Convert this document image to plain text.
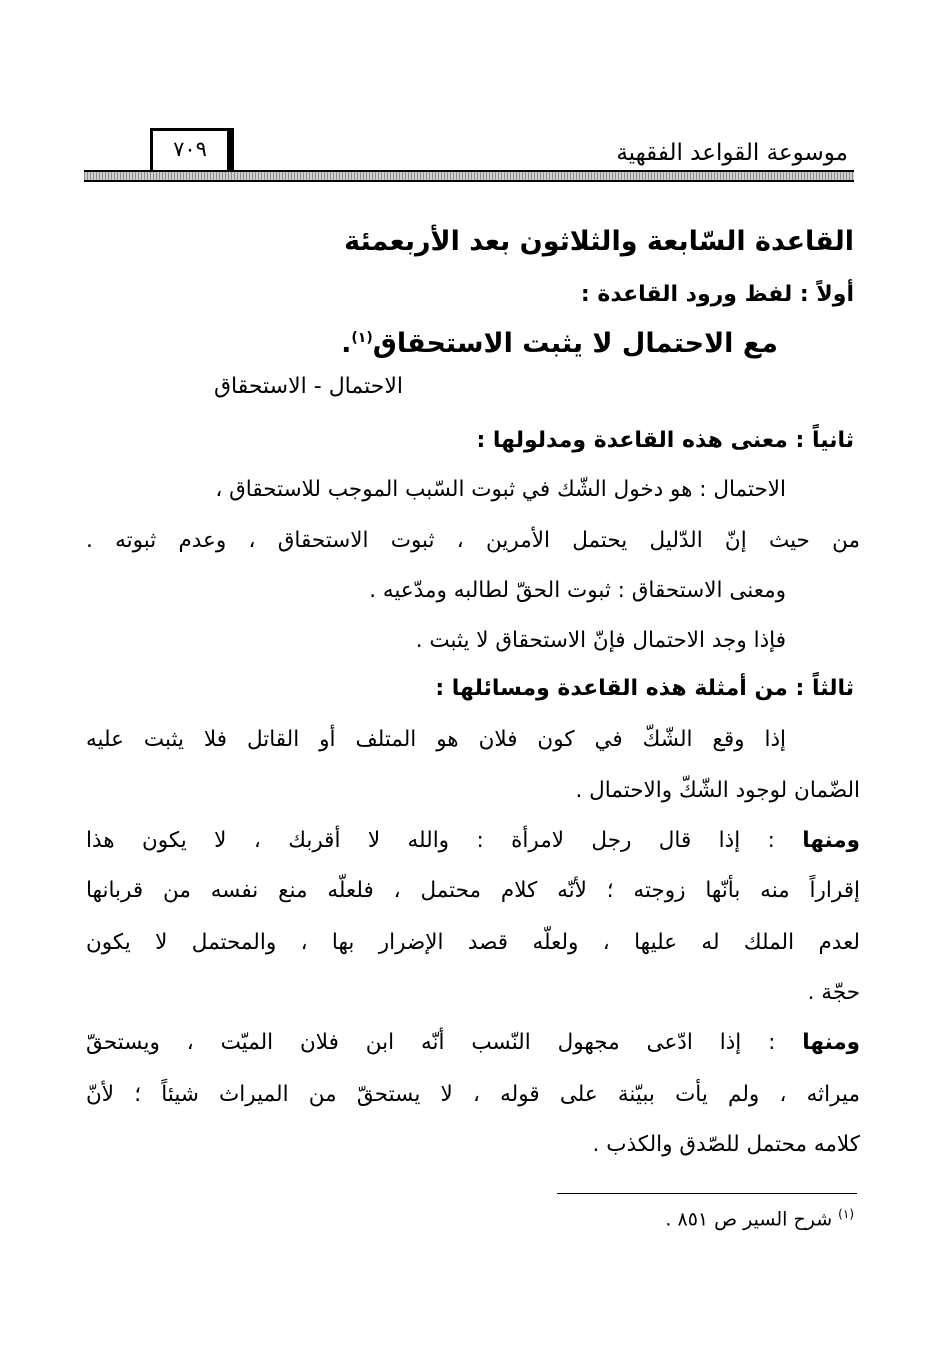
موسوعة القواعد الفقهية
٧٠٩
القاعدة السّابعة والثلاثون بعد الأربعمئة
أولاً : لفظ ورود القاعدة :
مع الاحتمال لا يثبت الاستحقاق$^{(١)}$.
الاحتمال - الاستحقاق
ثانياً : معنى هذه القاعدة ومدلولها :
الاحتمال : هو دخول الشّك في ثبوت السّبب الموجب للاستحقاق ،
من حيث إنّ الدّليل يحتمل الأمرين ، ثبوت الاستحقاق ، وعدم ثبوته .
ومعنى الاستحقاق : ثبوت الحقّ لطالبه ومدّعيه .
فإذا وجد الاحتمال فإنّ الاستحقاق لا يثبت .
ثالثاً : من أمثلة هذه القاعدة ومسائلها :
إذا وقع الشّكّ في كون فلان هو المتلف أو القاتل فلا يثبت عليه
الضّمان لوجود الشّكّ والاحتمال .
ومنها : إذا قال رجل لامرأة : والله لا أقربك ، لا يكون هذا
إقراراً منه بأنّها زوجته ؛ لأنّه كلام محتمل ، فلعلّه منع نفسه من قربانها
لعدم الملك له عليها ، ولعلّه قصد الإضرار بها ، والمحتمل لا يكون
حجّة .
ومنها : إذا ادّعى مجهول النّسب أنّه ابن فلان الميّت ، ويستحقّ
ميراثه ، ولم يأت ببيّنة على قوله ، لا يستحقّ من الميراث شيئاً ؛ لأنّ
كلامه محتمل للصّدق والكذب .
$^{(١)}$ شرح السير ص ٨٥١ .
